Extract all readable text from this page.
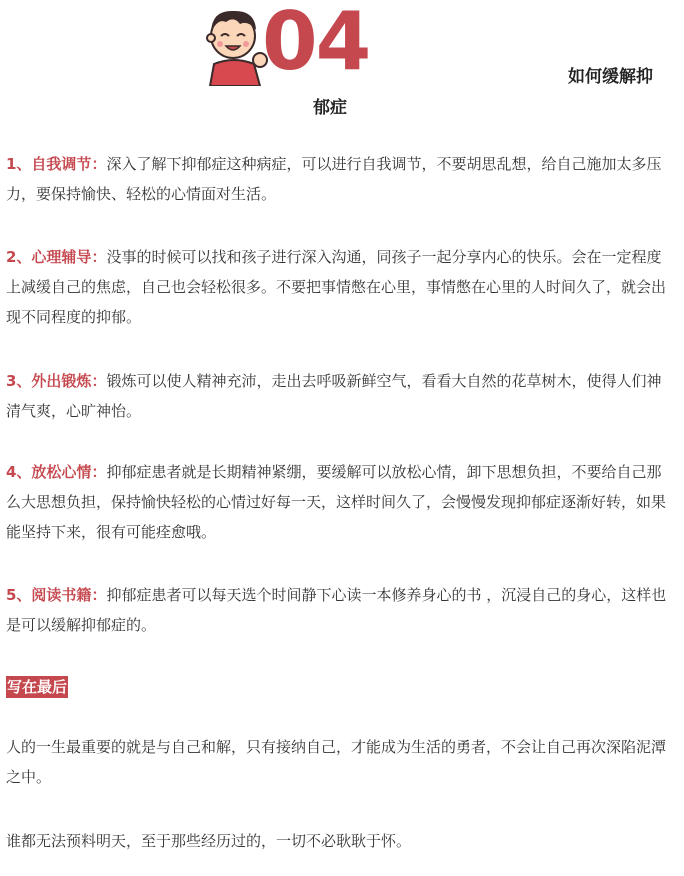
04	如何缓解抑
郁症

1、自我调节：深入了解下抑郁症这种病症，可以进行自我调节，不要胡思乱想，给自己施加太多压力，要保持愉快、轻松的心情面对生活。

2、心理辅导：没事的时候可以找和孩子进行深入沟通，同孩子一起分享内心的快乐。会在一定程度上减缓自己的焦虑，自己也会轻松很多。不要把事情憋在心里，事情憋在心里的人时间久了，就会出现不同程度的抑郁。

3、外出锻炼：锻炼可以使人精神充沛，走出去呼吸新鲜空气，看看大自然的花草树木，使得人们神清气爽，心旷神怡。

4、放松心情：抑郁症患者就是长期精神紧绷，要缓解可以放松心情，卸下思想负担，不要给自己那么大思想负担，保持愉快轻松的心情过好每一天，这样时间久了，会慢慢发现抑郁症逐渐好转，如果能坚持下来，很有可能痊愈哦。

5、阅读书籍：抑郁症患者可以每天选个时间静下心读一本修养身心的书 ，沉浸自己的身心，这样也是可以缓解抑郁症的。

写在最后

人的一生最重要的就是与自己和解，只有接纳自己，才能成为生活的勇者，不会让自己再次深陷泥潭之中。

谁都无法预料明天，至于那些经历过的，一切不必耿耿于怀。
